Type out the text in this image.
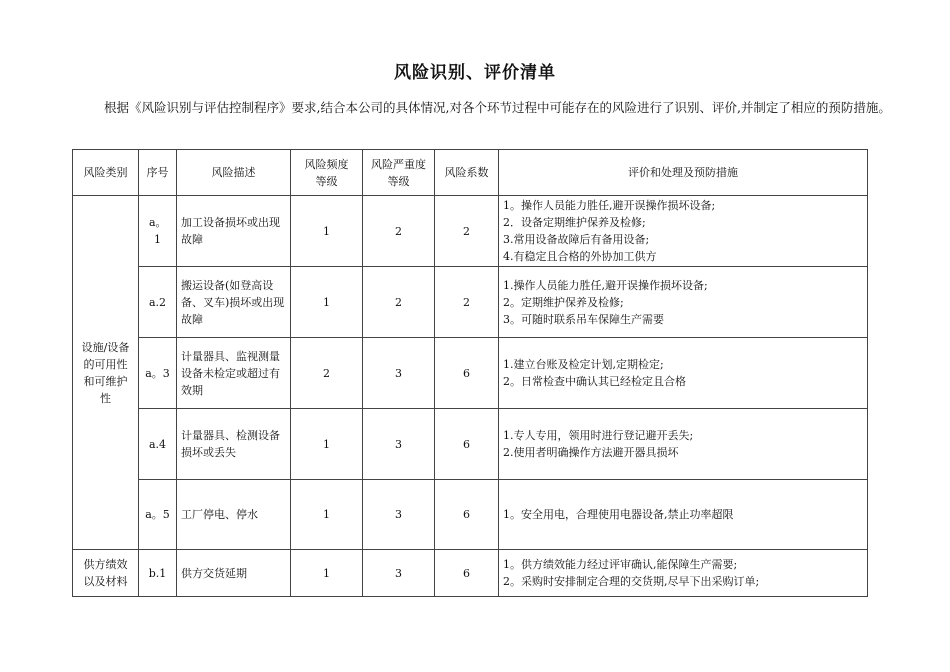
风险识别、评价清单
根据《风险识别与评估控制程序》要求,结合本公司的具体情况,对各个环节过程中可能存在的风险进行了识别、评价,并制定了相应的预防措施。
风险类别	序号	风险描述	风险频度等级	风险严重度等级	风险系数	评价和处理及预防措施
设施/设备的可用性和可维护性	a。1	加工设备损坏或出现故障	1	2	2	1。操作人员能力胜任,避开误操作损坏设备;
2．设备定期维护保养及检修;
3.常用设备故障后有备用设备;
4.有稳定且合格的外协加工供方

	a.2	搬运设备(如登高设备、叉车)损坏或出现故障	1	2	2	1.操作人员能力胜任,避开误操作损坏设备;
2。定期维护保养及检修;
3。可随时联系吊车保障生产需要

	a。3	计量器具、监视测量设备未检定或超过有效期	2	3	6	1.建立台账及检定计划,定期检定;
2。日常检查中确认其已经检定且合格

	a.4	计量器具、检测设备损坏或丢失	1	3	6	1.专人专用，领用时进行登记避开丢失;
2.使用者明确操作方法避开器具损坏

	a。5	工厂停电、停水	1	3	6	1。安全用电，合理使用电器设备,禁止功率超限

供方绩效以及材料	b.1	供方交货延期	1	3	6	1。供方绩效能力经过评审确认,能保障生产需要;
2。采购时安排制定合理的交货期,尽早下出采购订单;
